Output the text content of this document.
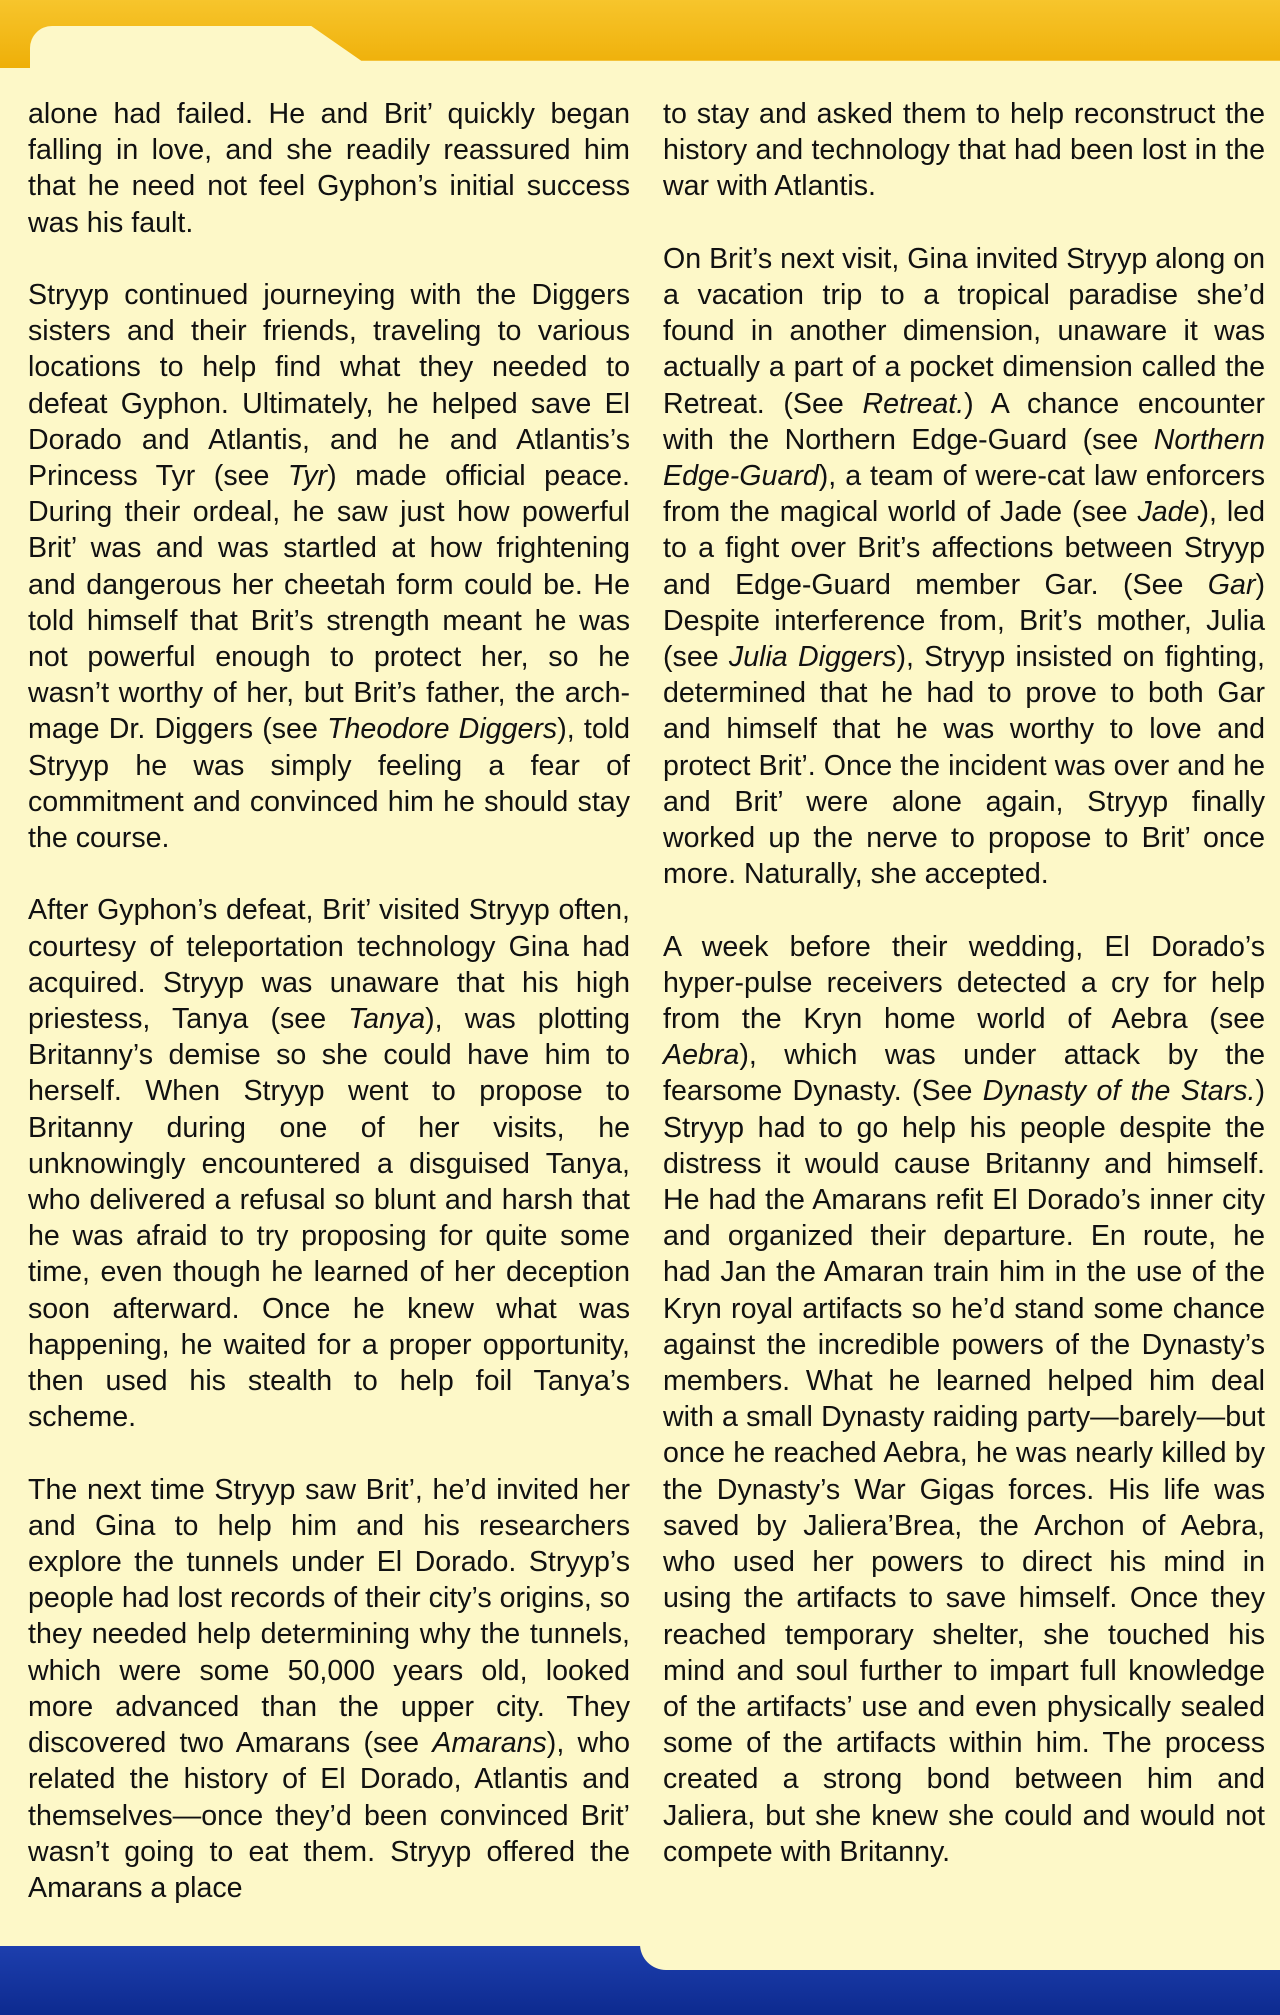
alone had failed. He and Brit’ quickly began falling in love, and she readily reassured him that he need not feel Gyphon’s initial success was his fault.

Stryyp continued journeying with the Diggers sisters and their friends, traveling to various locations to help find what they needed to defeat Gyphon. Ultimately, he helped save El Dorado and Atlantis, and he and Atlantis’s Princess Tyr (see Tyr) made official peace. During their ordeal, he saw just how powerful Brit’ was and was startled at how frightening and dangerous her cheetah form could be. He told himself that Brit’s strength meant he was not powerful enough to protect her, so he wasn’t worthy of her, but Brit’s father, the arch-mage Dr. Diggers (see Theodore Diggers), told Stryyp he was simply feeling a fear of commitment and convinced him he should stay the course.

After Gyphon’s defeat, Brit’ visited Stryyp often, courtesy of teleportation technology Gina had acquired. Stryyp was unaware that his high priestess, Tanya (see Tanya), was plotting Britanny’s demise so she could have him to herself. When Stryyp went to propose to Britanny during one of her visits, he unknowingly encountered a disguised Tanya, who delivered a refusal so blunt and harsh that he was afraid to try proposing for quite some time, even though he learned of her deception soon afterward. Once he knew what was happening, he waited for a proper opportunity, then used his stealth to help foil Tanya’s scheme.

The next time Stryyp saw Brit’, he’d invited her and Gina to help him and his researchers explore the tunnels under El Dorado. Stryyp’s people had lost records of their city’s origins, so they needed help determining why the tunnels, which were some 50,000 years old, looked more advanced than the upper city. They discovered two Amarans (see Amarans), who related the history of El Dorado, Atlantis and themselves—once they’d been convinced Brit’ wasn’t going to eat them. Stryyp offered the Amarans a place

to stay and asked them to help reconstruct the history and technology that had been lost in the war with Atlantis.

On Brit’s next visit, Gina invited Stryyp along on a vacation trip to a tropical paradise she’d found in another dimension, unaware it was actually a part of a pocket dimension called the Retreat. (See Retreat.) A chance encounter with the Northern Edge-Guard (see Northern Edge-Guard), a team of were-cat law enforcers from the magical world of Jade (see Jade), led to a fight over Brit’s affections between Stryyp and Edge-Guard member Gar. (See Gar) Despite interference from, Brit’s mother, Julia (see Julia Diggers), Stryyp insisted on fighting, determined that he had to prove to both Gar and himself that he was worthy to love and protect Brit’. Once the incident was over and he and Brit’ were alone again, Stryyp finally worked up the nerve to propose to Brit’ once more. Naturally, she accepted.

A week before their wedding, El Dorado’s hyper-pulse receivers detected a cry for help from the Kryn home world of Aebra (see Aebra), which was under attack by the fearsome Dynasty. (See Dynasty of the Stars.) Stryyp had to go help his people despite the distress it would cause Britanny and himself. He had the Amarans refit El Dorado’s inner city and organized their departure. En route, he had Jan the Amaran train him in the use of the Kryn royal artifacts so he’d stand some chance against the incredible powers of the Dynasty’s members. What he learned helped him deal with a small Dynasty raiding party—barely—but once he reached Aebra, he was nearly killed by the Dynasty’s War Gigas forces. His life was saved by Jaliera’Brea, the Archon of Aebra, who used her powers to direct his mind in using the artifacts to save himself. Once they reached temporary shelter, she touched his mind and soul further to impart full knowledge of the artifacts’ use and even physically sealed some of the artifacts within him. The process created a strong bond between him and Jaliera, but she knew she could and would not compete with Britanny.
